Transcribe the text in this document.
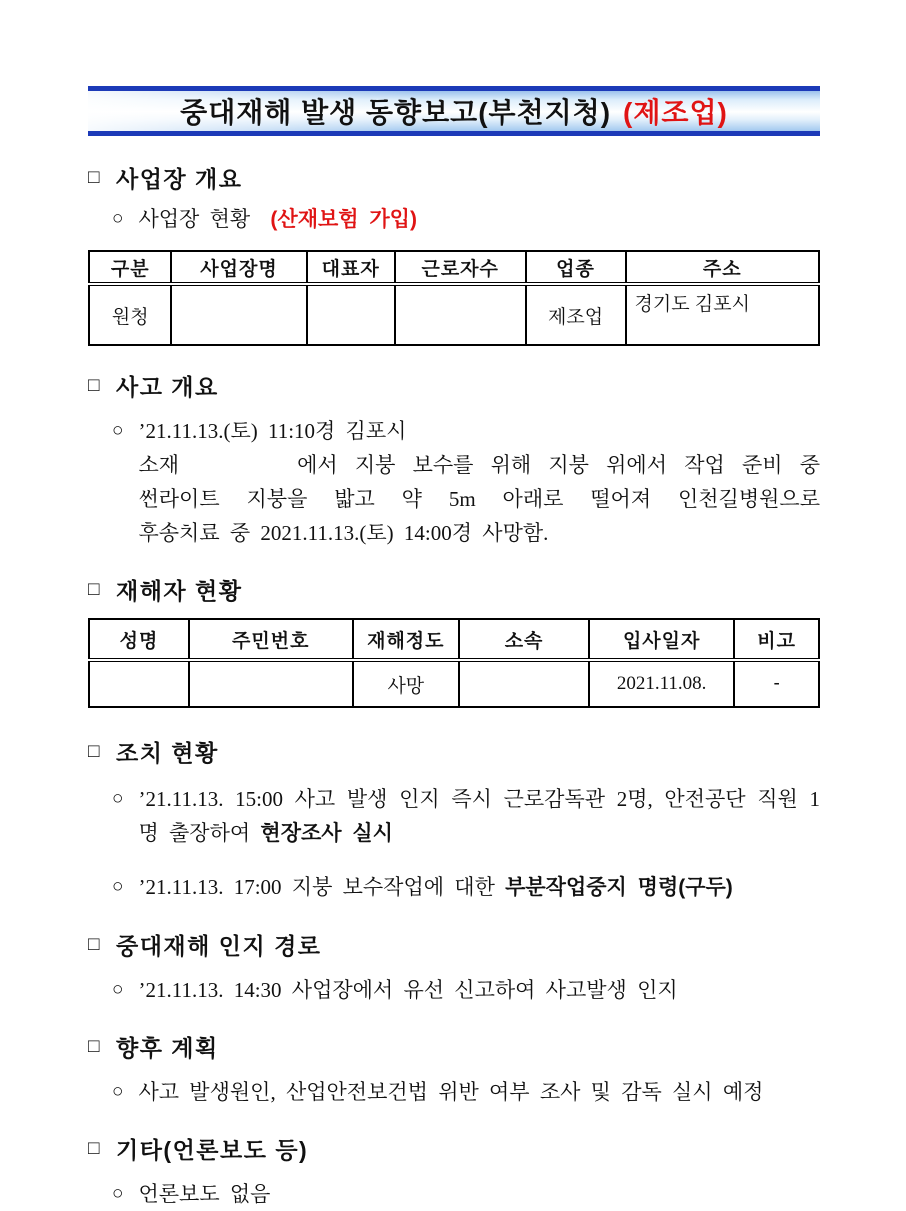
중대재해 발생 동향보고(부천지청) (제조업)
□ 사업장 개요
○ 사업장 현황 (산재보험 가입)
구분	사업장명	대표자	근로자수	업종	주소
원청				제조업	경기도 김포시
□ 사고 개요
○ ’21.11.13.(토) 11:10경 김포시
소재	에서 지붕 보수를 위해 지붕 위에서 작업 준비 중
썬라이트 지붕을 밟고 약 5m 아래로 떨어져 인천길병원으로
후송치료 중 2021.11.13.(토) 14:00경 사망함.
□ 재해자 현황
성명	주민번호	재해정도	소속	입사일자	비고
		사망		2021.11.08.	-
□ 조치 현황
○ ’21.11.13. 15:00 사고 발생 인지 즉시 근로감독관 2명, 안전공단 직원 1명 출장하여 현장조사 실시
○ ’21.11.13. 17:00 지붕 보수작업에 대한 부분작업중지 명령(구두)
□ 중대재해 인지 경로
○ ’21.11.13. 14:30 사업장에서 유선 신고하여 사고발생 인지
□ 향후 계획
○ 사고 발생원인, 산업안전보건법 위반 여부 조사 및 감독 실시 예정
□ 기타(언론보도 등)
○ 언론보도 없음
